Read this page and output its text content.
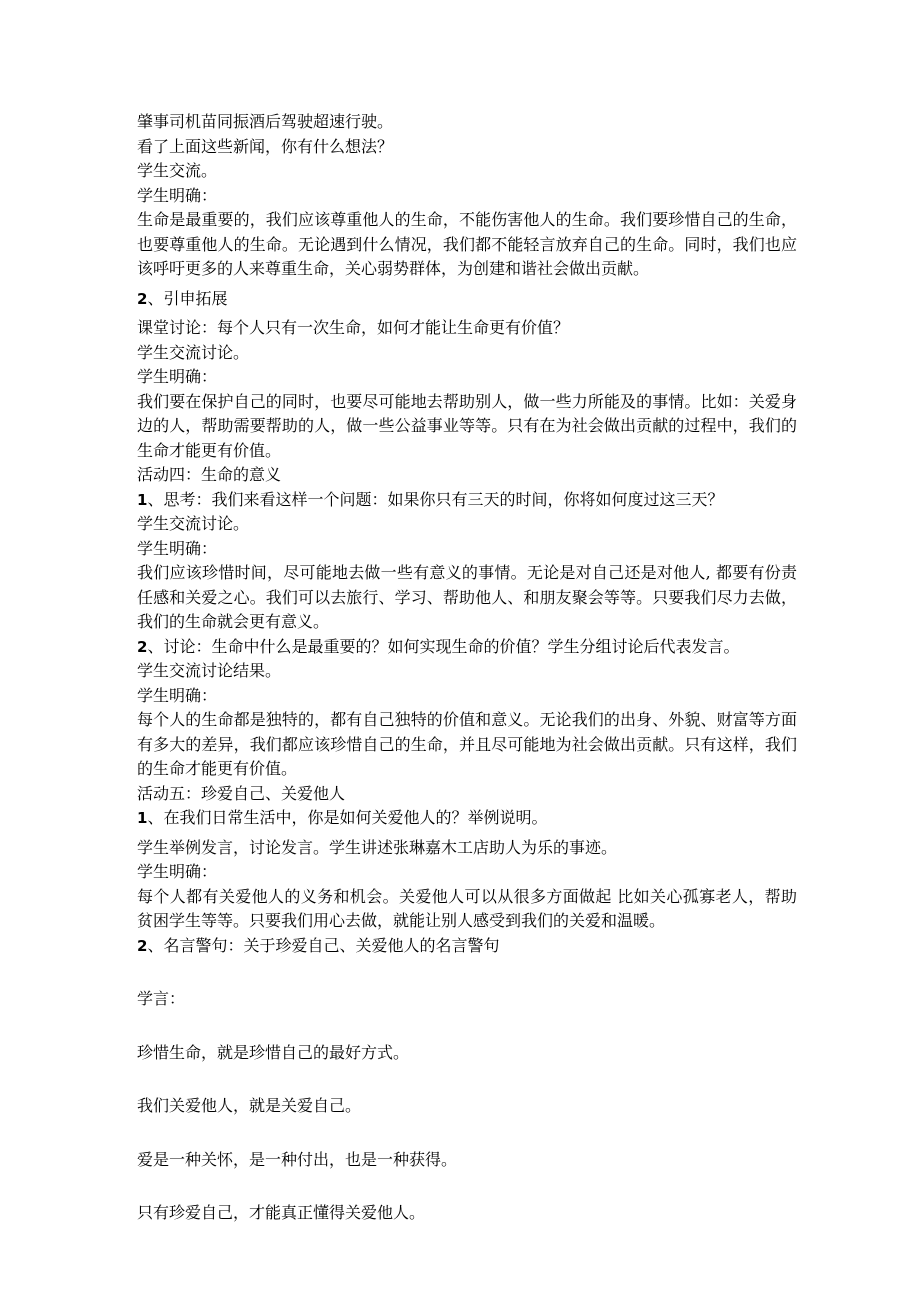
肇事司机苗同振酒后驾驶超速行驶。
看了上面这些新闻，你有什么想法？
学生交流。
学生明确：
生命是最重要的，我们应该尊重他人的生命，不能伤害他人的生命。我们要珍惜自己的生命，也要尊重他人的生命。无论遇到什么情况，我们都不能轻言放弃自己的生命。同时，我们也应该呼吁更多的人来尊重生命，关心弱势群体，为创建和谐社会做出贡献。
2、引申拓展
课堂讨论：每个人只有一次生命，如何才能让生命更有价值？
学生交流讨论。
学生明确：
我们要在保护自己的同时，也要尽可能地去帮助别人，做一些力所能及的事情。比如：关爱身边的人，帮助需要帮助的人，做一些公益事业等等。只有在为社会做出贡献的过程中，我们的生命才能更有价值。
活动四：生命的意义
1、思考：我们来看这样一个问题：如果你只有三天的时间，你将如何度过这三天？
学生交流讨论。
学生明确：
我们应该珍惜时间，尽可能地去做一些有意义的事情。无论是对自己还是对他人, 都要有份责任感和关爱之心。我们可以去旅行、学习、帮助他人、和朋友聚会等等。只要我们尽力去做，我们的生命就会更有意义。
2、讨论：生命中什么是最重要的？如何实现生命的价值？学生分组讨论后代表发言。
学生交流讨论结果。
学生明确：
每个人的生命都是独特的，都有自己独特的价值和意义。无论我们的出身、外貌、财富等方面有多大的差异，我们都应该珍惜自己的生命，并且尽可能地为社会做出贡献。只有这样，我们的生命才能更有价值。
活动五：珍爱自己、关爱他人
1、在我们日常生活中，你是如何关爱他人的？举例说明。
学生举例发言，讨论发言。学生讲述张琳嘉木工店助人为乐的事迹。
学生明确：
每个人都有关爱他人的义务和机会。关爱他人可以从很多方面做起 比如关心孤寡老人，帮助贫困学生等等。只要我们用心去做，就能让别人感受到我们的关爱和温暖。
2、名言警句：关于珍爱自己、关爱他人的名言警句
学言：
珍惜生命，就是珍惜自己的最好方式。
我们关爱他人，就是关爱自己。
爱是一种关怀，是一种付出，也是一种获得。
只有珍爱自己，才能真正懂得关爱他人。
